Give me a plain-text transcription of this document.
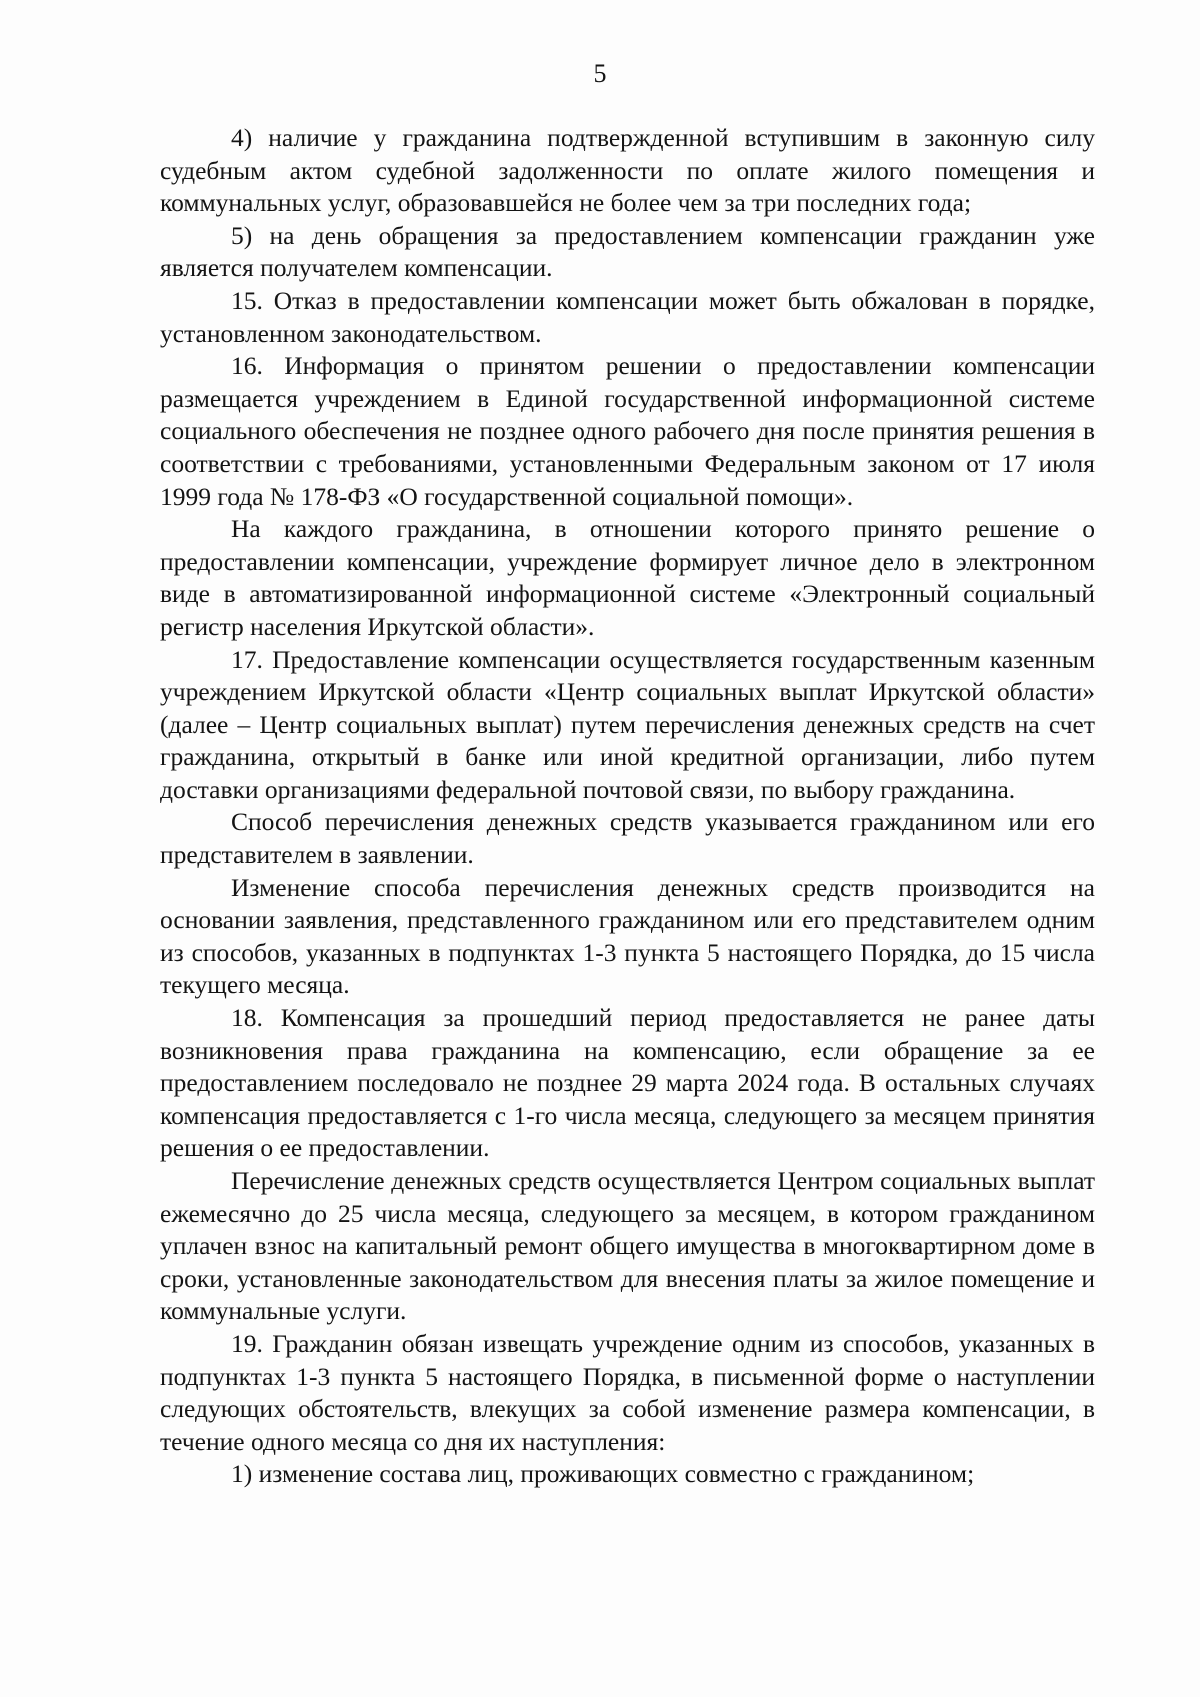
5

4) наличие у гражданина подтвержденной вступившим в законную силу судебным актом судебной задолженности по оплате жилого помещения и коммунальных услуг, образовавшейся не более чем за три последних года;

5) на день обращения за предоставлением компенсации гражданин уже является получателем компенсации.

15. Отказ в предоставлении компенсации может быть обжалован в порядке, установленном законодательством.

16. Информация о принятом решении о предоставлении компенсации размещается учреждением в Единой государственной информационной системе социального обеспечения не позднее одного рабочего дня после принятия решения в соответствии с требованиями, установленными Федеральным законом от 17 июля 1999 года № 178-ФЗ «О государственной социальной помощи».

На каждого гражданина, в отношении которого принято решение о предоставлении компенсации, учреждение формирует личное дело в электронном виде в автоматизированной информационной системе «Электронный социальный регистр населения Иркутской области».

17. Предоставление компенсации осуществляется государственным казенным учреждением Иркутской области «Центр социальных выплат Иркутской области» (далее – Центр социальных выплат) путем перечисления денежных средств на счет гражданина, открытый в банке или иной кредитной организации, либо путем доставки организациями федеральной почтовой связи, по выбору гражданина.

Способ перечисления денежных средств указывается гражданином или его представителем в заявлении.

Изменение способа перечисления денежных средств производится на основании заявления, представленного гражданином или его представителем одним из способов, указанных в подпунктах 1-3 пункта 5 настоящего Порядка, до 15 числа текущего месяца.

18. Компенсация за прошедший период предоставляется не ранее даты возникновения права гражданина на компенсацию, если обращение за ее предоставлением последовало не позднее 29 марта 2024 года. В остальных случаях компенсация предоставляется с 1-го числа месяца, следующего за месяцем принятия решения о ее предоставлении.

Перечисление денежных средств осуществляется Центром социальных выплат ежемесячно до 25 числа месяца, следующего за месяцем, в котором гражданином уплачен взнос на капитальный ремонт общего имущества в многоквартирном доме в сроки, установленные законодательством для внесения платы за жилое помещение и коммунальные услуги.

19. Гражданин обязан извещать учреждение одним из способов, указанных в подпунктах 1-3 пункта 5 настоящего Порядка, в письменной форме о наступлении следующих обстоятельств, влекущих за собой изменение размера компенсации, в течение одного месяца со дня их наступления:

1) изменение состава лиц, проживающих совместно с гражданином;
